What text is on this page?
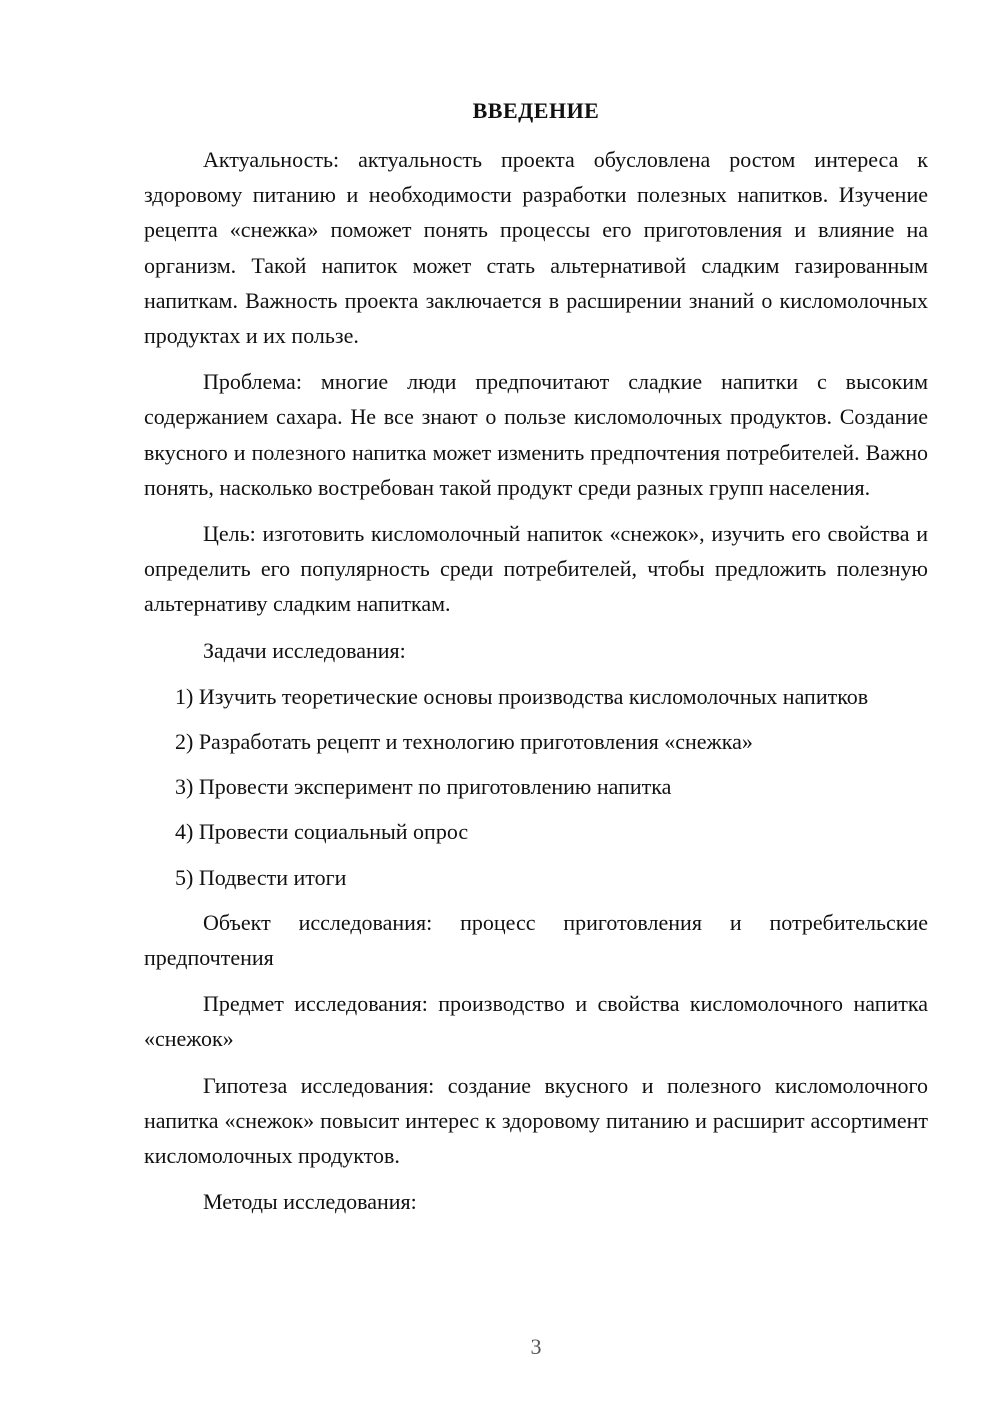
ВВЕДЕНИЕ

Актуальность: актуальность проекта обусловлена ростом интереса к здоровому питанию и необходимости разработки полезных напитков. Изучение рецепта «снежка» поможет понять процессы его приготовления и влияние на организм. Такой напиток может стать альтернативой сладким газированным напиткам. Важность проекта заключается в расширении знаний о кисломолочных продуктах и их пользе.

Проблема: многие люди предпочитают сладкие напитки с высоким содержанием сахара. Не все знают о пользе кисломолочных продуктов. Создание вкусного и полезного напитка может изменить предпочтения потребителей. Важно понять, насколько востребован такой продукт среди разных групп населения.

Цель: изготовить кисломолочный напиток «снежок», изучить его свойства и определить его популярность среди потребителей, чтобы предложить полезную альтернативу сладким напиткам.

Задачи исследования:

1) Изучить теоретические основы производства кисломолочных напитков

2) Разработать рецепт и технологию приготовления «снежка»

3) Провести эксперимент по приготовлению напитка

4) Провести социальный опрос

5) Подвести итоги

Объект исследования: процесс приготовления и потребительские предпочтения

Предмет исследования: производство и свойства кисломолочного напитка «снежок»

Гипотеза исследования: создание вкусного и полезного кисломолочного напитка «снежок» повысит интерес к здоровому питанию и расширит ассортимент кисломолочных продуктов.

Методы исследования:

3
